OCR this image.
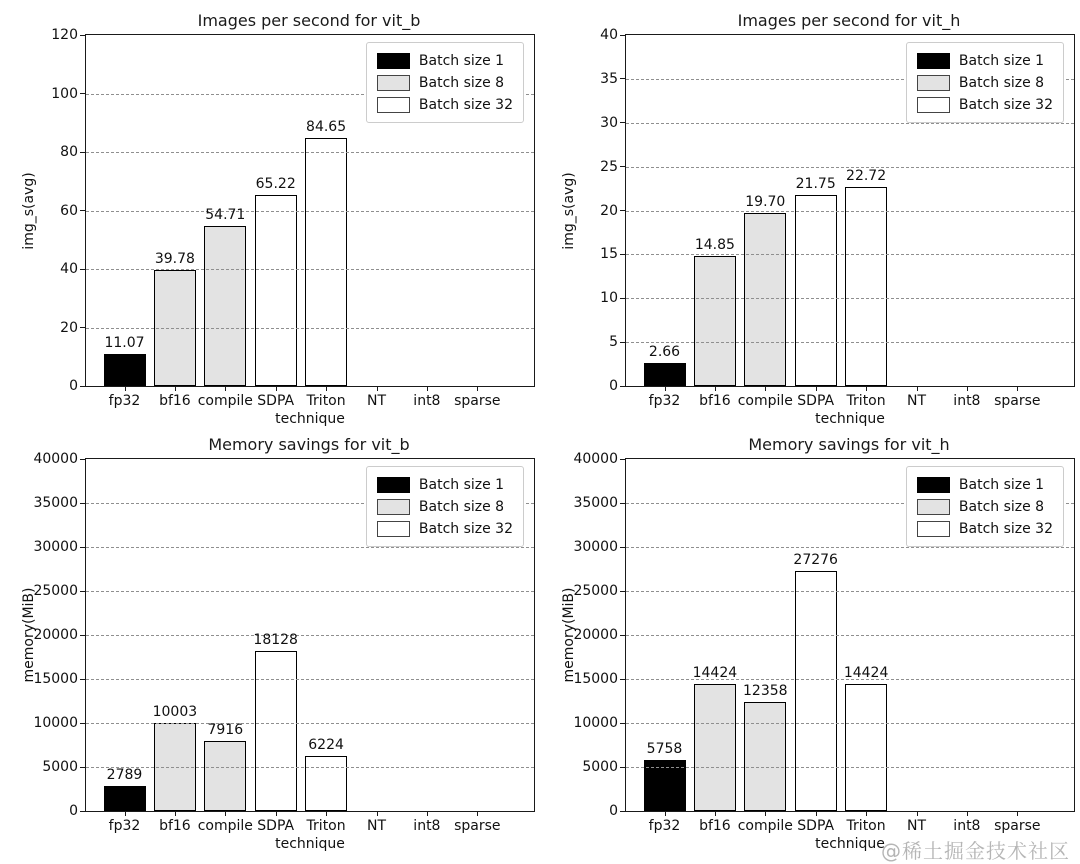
@稀土掘金技术社区
Images per second for vit_b
img_s(avg)
technique
0
20
40
60
80
100
120
fp32 bf16 compile SDPA Triton NT int8 sparse
11.07
39.78
54.71
65.22
84.65
Batch size 1
Batch size 8
Batch size 32
Images per second for vit_h
img_s(avg)
technique
0
5
10
15
20
25
30
35
40
fp32 bf16 compile SDPA Triton NT int8 sparse
2.66
14.85
19.70
21.75
22.72
Batch size 1
Batch size 8
Batch size 32
Memory savings for vit_b
memory(MiB)
technique
0
5000
10000
15000
20000
25000
30000
35000
40000
fp32 bf16 compile SDPA Triton NT int8 sparse
2789
10003
7916
18128
6224
Batch size 1
Batch size 8
Batch size 32
Memory savings for vit_h
memory(MiB)
technique
0
5000
10000
15000
20000
25000
30000
35000
40000
fp32 bf16 compile SDPA Triton NT int8 sparse
5758
14424
12358
27276
14424
Batch size 1
Batch size 8
Batch size 32
